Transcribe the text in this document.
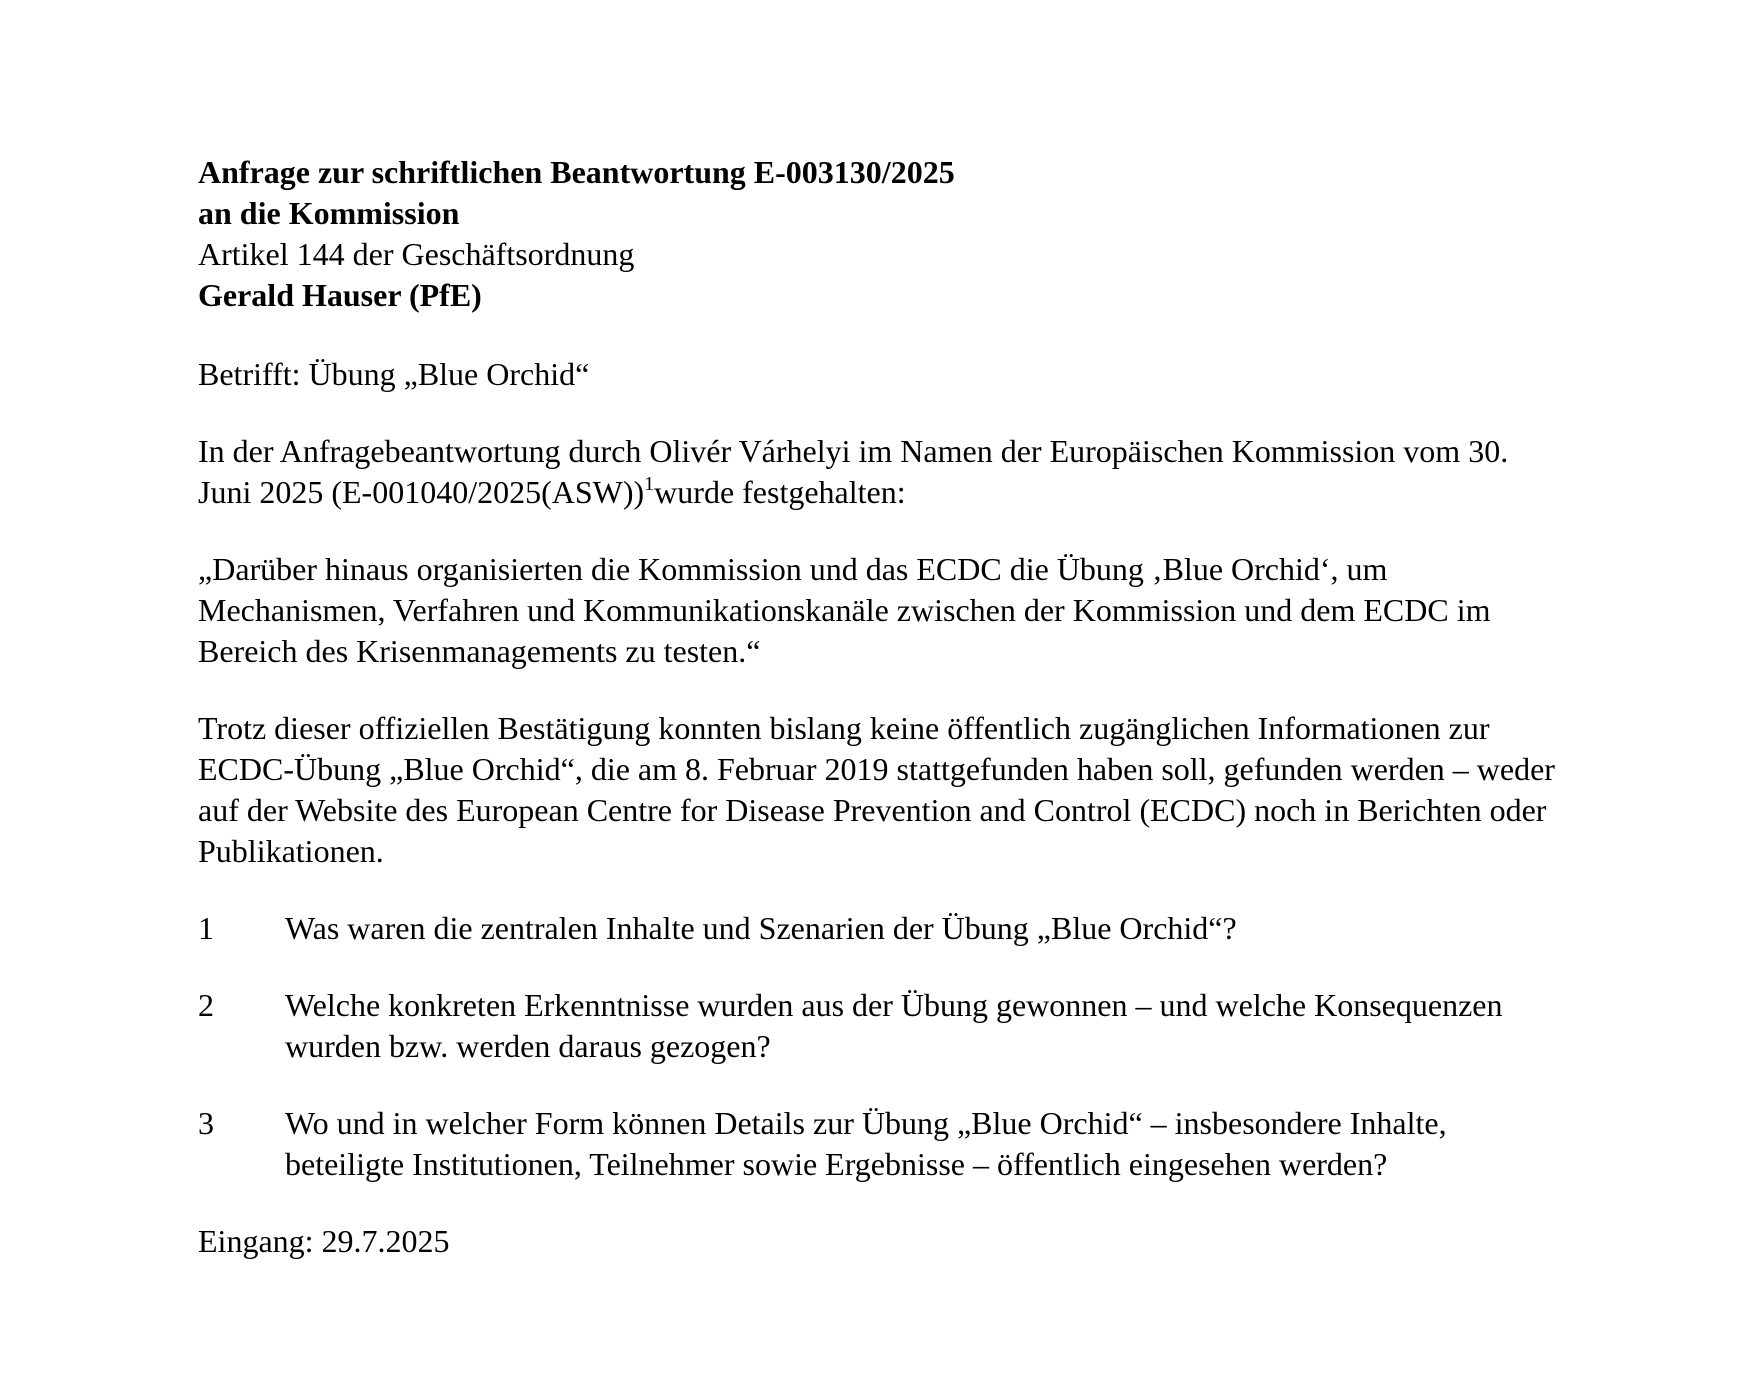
Anfrage zur schriftlichen Beantwortung E-003130/2025
an die Kommission
Artikel 144 der Geschäftsordnung
Gerald Hauser (PfE)

Betrifft: Übung „Blue Orchid“

In der Anfragebeantwortung durch Olivér Várhelyi im Namen der Europäischen Kommission vom 30. Juni 2025 $(E-001040/2025(ASW))^1wurde$ festgehalten:

„Darüber hinaus organisierten die Kommission und das ECDC die Übung ‚Blue Orchid‘, um Mechanismen, Verfahren und Kommunikationskanäle zwischen der Kommission und dem ECDC im Bereich des Krisenmanagements zu testen.“

Trotz dieser offiziellen Bestätigung konnten bislang keine öffentlich zugänglichen Informationen zur ECDC-Übung „Blue Orchid“, die am 8. Februar 2019 stattgefunden haben soll, gefunden werden – weder auf der Website des European Centre for Disease Prevention and Control (ECDC) noch in Berichten oder Publikationen.

1	Was waren die zentralen Inhalte und Szenarien der Übung „Blue Orchid“?
2	Welche konkreten Erkenntnisse wurden aus der Übung gewonnen – und welche Konsequenzen wurden bzw. werden daraus gezogen?
3	Wo und in welcher Form können Details zur Übung „Blue Orchid“ – insbesondere Inhalte, beteiligte Institutionen, Teilnehmer sowie Ergebnisse – öffentlich eingesehen werden?

Eingang: 29.7.2025
